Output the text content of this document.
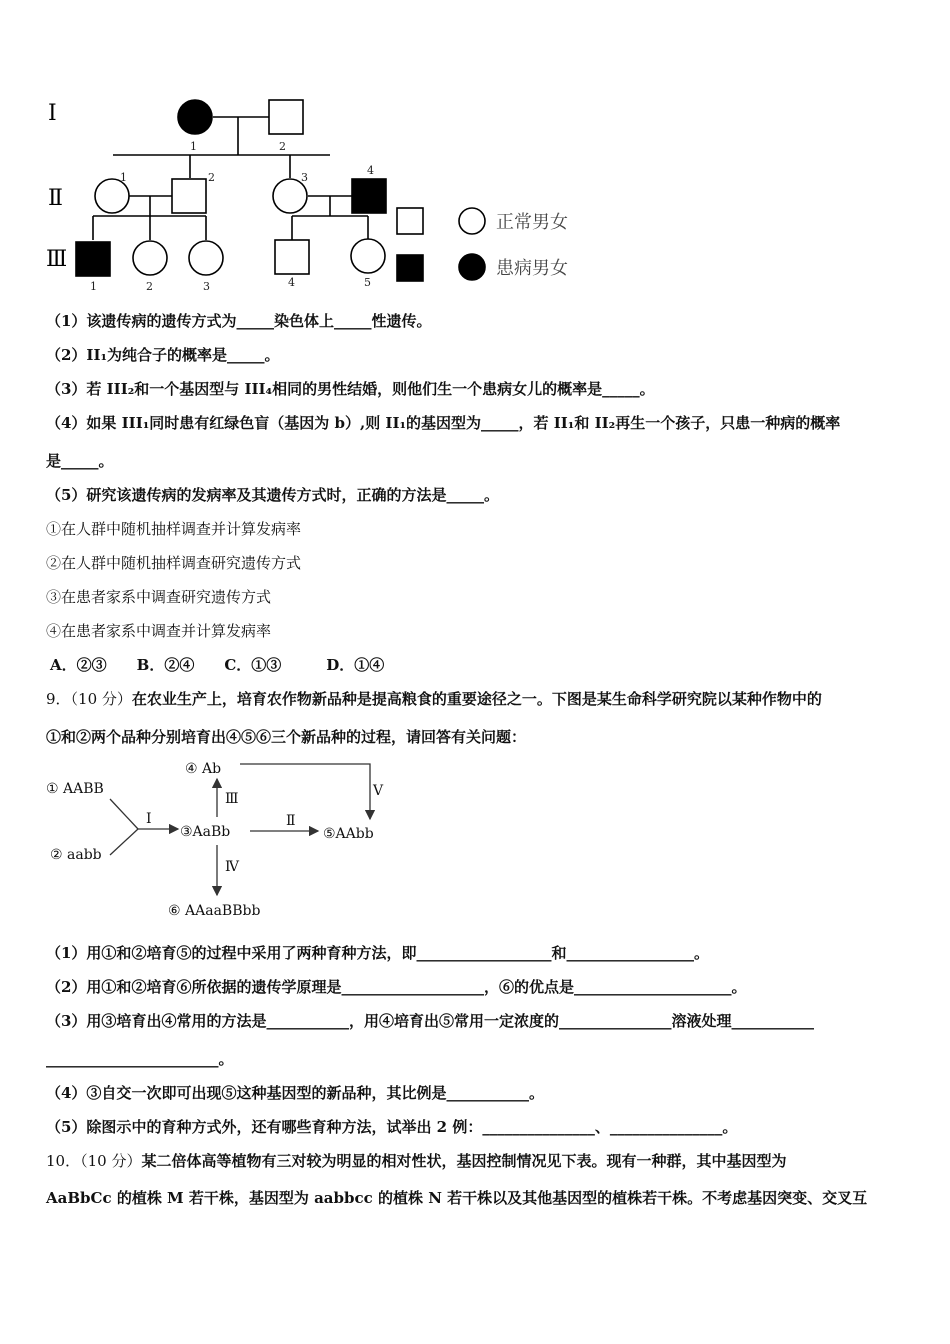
Ⅰ
Ⅱ
Ⅲ
1	2
1	2	3
4
1	2	3	4	5
正常男女
患病男女
（1）该遗传病的遗传方式为_____染色体上_____性遗传。
（2）II₁为纯合子的概率是_____。
（3）若 III₂和一个基因型与 III₄相同的男性结婚，则他们生一个患病女儿的概率是_____。
（4）如果 III₁同时患有红绿色盲（基因为 b）,则 II₁的基因型为_____，若 II₁和 II₂再生一个孩子，只患一种病的概率
是_____。
（5）研究该遗传病的发病率及其遗传方式时，正确的方法是_____。
①在人群中随机抽样调查并计算发病率
②在人群中随机抽样调查研究遗传方式
③在患者家系中调查研究遗传方式
④在患者家系中调查并计算发病率
A．②③　　B．②④　　C．①③　　　D．①④
9．（10 分）在农业生产上，培育农作物新品种是提高粮食的重要途径之一。下图是某生命科学研究院以某种作物中的
①和②两个品种分别培育出④⑤⑥三个新品种的过程，请回答有关问题：
① AABB
② aabb
③AaBb
④ Ab
⑤AAbb
⑥ AAaaBBbb
Ⅰ	Ⅱ
Ⅲ
Ⅳ
Ⅴ
（1）用①和②培育⑤的过程中采用了两种育种方法，即__________________和_________________。
（2）用①和②培育⑥所依据的遗传学原理是___________________，⑥的优点是_____________________。
（3）用③培育出④常用的方法是___________，用④培育出⑤常用一定浓度的_______________溶液处理___________
_______________________。
（4）③自交一次即可出现⑤这种基因型的新品种，其比例是___________。
（5）除图示中的育种方式外，还有哪些育种方法，试举出 2 例：_______________、_______________。
10．（10 分）某二倍体高等植物有三对较为明显的相对性状，基因控制情况见下表。现有一种群，其中基因型为
AaBbCc 的植株 M 若干株，基因型为 aabbcc 的植株 N 若干株以及其他基因型的植株若干株。不考虑基因突变、交叉互
